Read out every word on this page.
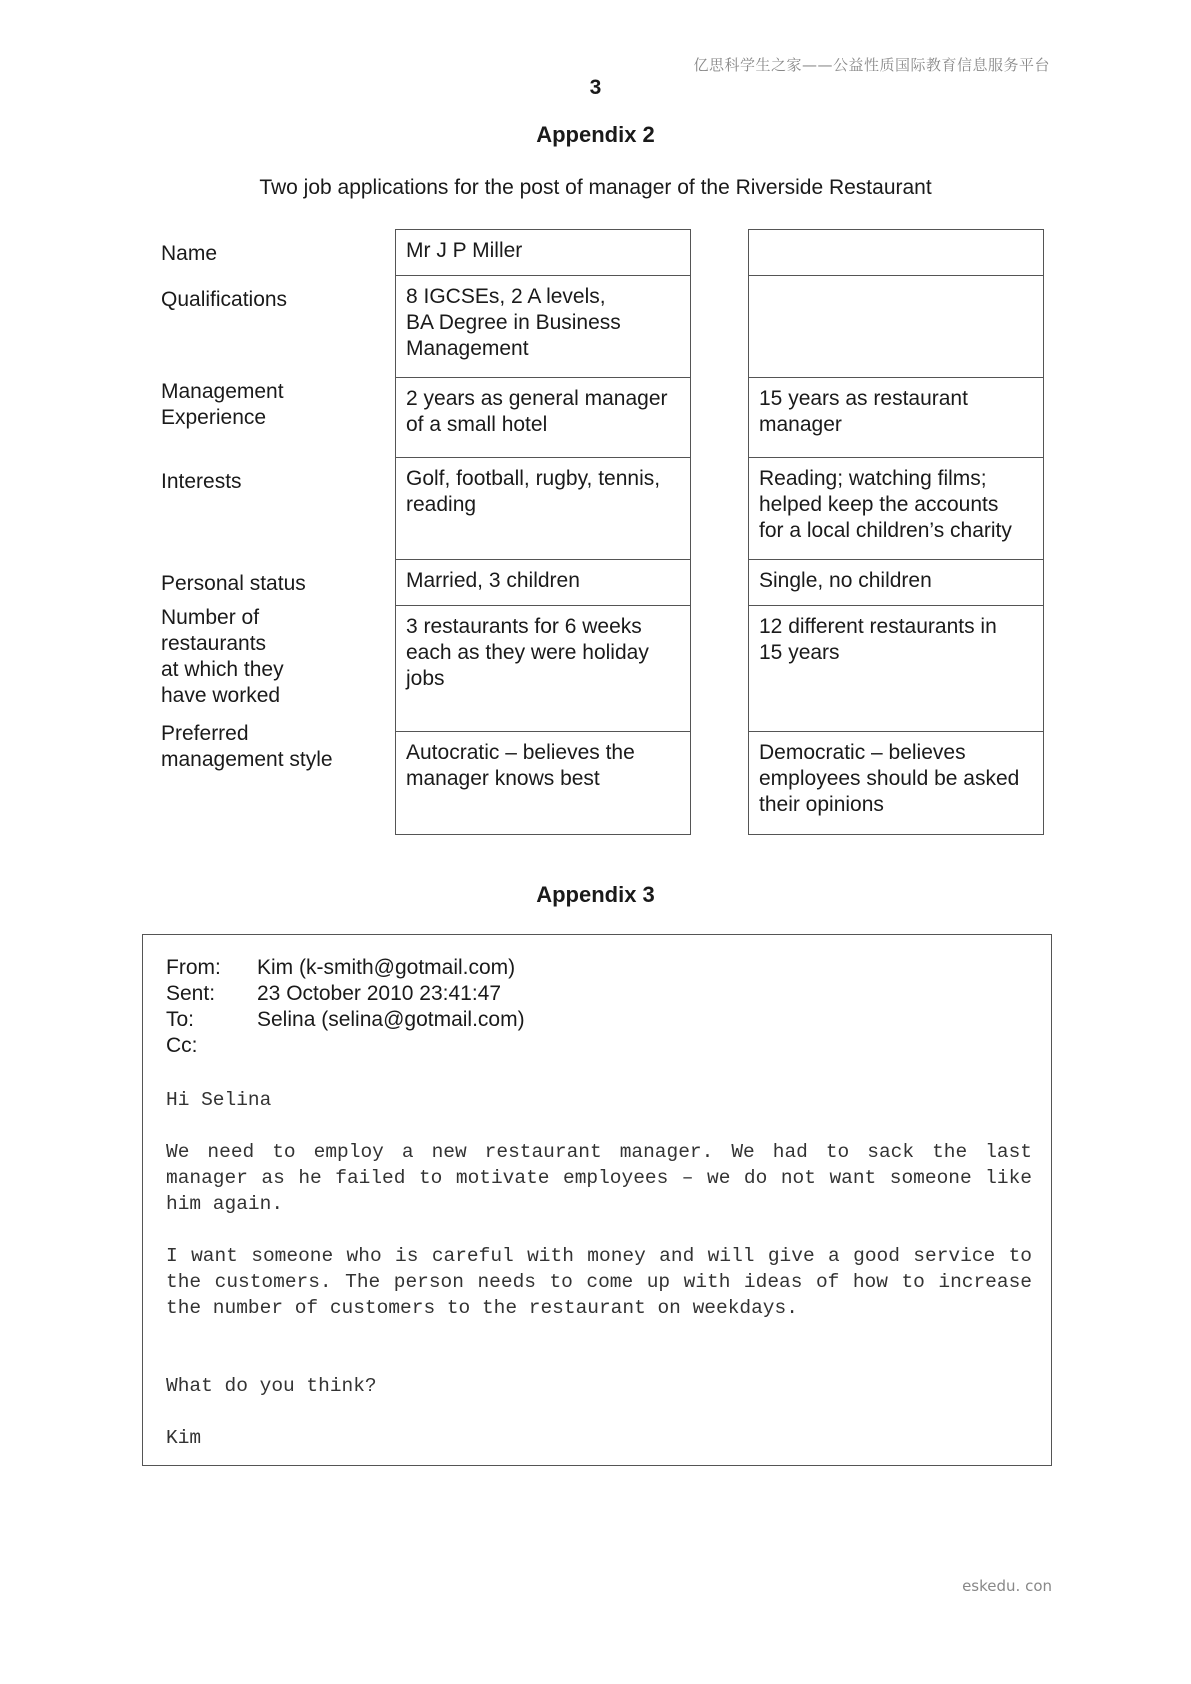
亿思科学生之家——公益性质国际教育信息服务平台
3
Appendix 2
Two job applications for the post of manager of the Riverside Restaurant
Name
Qualifications
Management
Experience
Interests
Personal status
Number of
restaurants
at which they
have worked
Preferred
management style
Mr J P Miller
8 IGCSEs, 2 A levels,
BA Degree in Business
Management
2 years as general manager
of a small hotel
Golf, football, rugby, tennis,
reading
Married, 3 children
3 restaurants for 6 weeks
each as they were holiday
jobs
Autocratic – believes the
manager knows best
15 years as restaurant
manager
Reading; watching films;
helped keep the accounts
for a local children’s charity
Single, no children
12 different restaurants in
15 years
Democratic – believes
employees should be asked
their opinions
Appendix 3
From: Kim (k-smith@gotmail.com)
Sent: 23 October 2010 23:41:47
To:	Selina (selina@gotmail.com)
Cc:
Hi Selina
We need to employ a new restaurant manager. We had to sack the last manager as he failed to motivate employees – we do not want someone like him again.
I want someone who is careful with money and will give a good service to the customers. The person needs to come up with ideas of how to increase the number of customers to the restaurant on weekdays.
What do you think?
Kim
eskedu. con
